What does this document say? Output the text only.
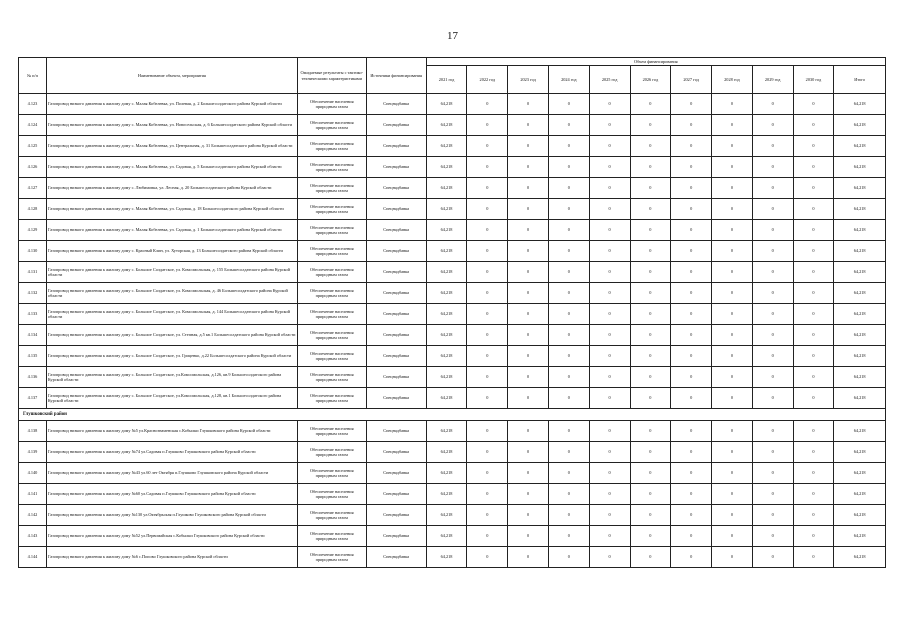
17
№ п/п	Наименование объекта, мероприятия	Ожидаемые результаты с тактико-техническими характеристиками	Источники финансирования	Объем финансирования										
				2021 год	2022 год	2023 год	2024 год	2025 год	2026 год	2027 год	2028 год	2029 год	2030 год	Итого
4.123	Газопровод низкого давления к жилому дому с. Малая Кобелевка, ул. Полевая, д. 2 Большесолдатского района Курской области	Обеспечение населения природным газом	Спецнадбавка	64,218	0	0	0	0	0	0	0	0	0	64,218
4.124	Газопровод низкого давления к жилому дому с. Малая Кобелевка, ул. Новосельская, д. 6 Большесолдатского района Курской области	Обеспечение населения природным газом	Спецнадбавка	64,218	0	0	0	0	0	0	0	0	0	64,218
4.125	Газопровод низкого давления к жилому дому с. Малая Кобелевка, ул. Центральная, д. 31 Большесолдатского района Курской области	Обеспечение населения природным газом	Спецнадбавка	64,218	0	0	0	0	0	0	0	0	0	64,218
4.126	Газопровод низкого давления к жилому дому с. Малая Кобелевка, ул. Садовая, д. 5 Большесолдатского района Курской области	Обеспечение населения природным газом	Спецнадбавка	64,218	0	0	0	0	0	0	0	0	0	64,218
4.127	Газопровод низкого давления к жилому дому с. Любимовка, ул. Лесная, д. 20 Большесолдатского района Курской области	Обеспечение населения природным газом	Спецнадбавка	64,218	0	0	0	0	0	0	0	0	0	64,218
4.128	Газопровод низкого давления к жилому дому с. Малая Кобелевка, ул. Садовая, д. 18 Большесолдатского района Курской области	Обеспечение населения природным газом	Спецнадбавка	64,218	0	0	0	0	0	0	0	0	0	64,218
4.129	Газопровод низкого давления к жилому дому с. Малая Кобелевка, ул. Садовая, д. 1 Большесолдатского района Курской области	Обеспечение населения природным газом	Спецнадбавка	64,218	0	0	0	0	0	0	0	0	0	64,218
4.130	Газопровод низкого давления к жилому дому с. Красный Клин, ул. Хуторская, д. 13 Большесолдатского района Курской области	Обеспечение населения природным газом	Спецнадбавка	64,218	0	0	0	0	0	0	0	0	0	64,218
4.131	Газопровод низкого давления к жилому дому с. Большое Солдатское, ул. Комсомольская, д. 155 Большесолдатского района Курской области	Обеспечение населения природным газом	Спецнадбавка	64,218	0	0	0	0	0	0	0	0	0	64,218
4.132	Газопровод низкого давления к жилому дому с. Большое Солдатское, ул. Комсомольская, д. 46 Большесолдатского района Курской области	Обеспечение населения природным газом	Спецнадбавка	64,218	0	0	0	0	0	0	0	0	0	64,218
4.133	Газопровод низкого давления к жилому дому с. Большое Солдатское, ул. Комсомольская, д. 144 Большесолдатского района Курской области	Обеспечение населения природным газом	Спецнадбавка	64,218	0	0	0	0	0	0	0	0	0	64,218
4.134	Газопровод низкого давления к жилому дому с. Большое Солдатское, ул. Степная, д.5 кв.1 Большесолдатского района Курской области	Обеспечение населения природным газом	Спецнадбавка	64,218	0	0	0	0	0	0	0	0	0	64,218
4.135	Газопровод низкого давления к жилому дому с. Большое Солдатское, ул. Гриценко, д.22 Большесолдатского района Курской области	Обеспечение населения природным газом	Спецнадбавка	64,218	0	0	0	0	0	0	0	0	0	64,218
4.136	Газопровод низкого давления к жилому дому с. Большое Солдатское, ул.Комсомольская, д.126, кв.9 Большесолдатского района Курской области	Обеспечение населения природным газом	Спецнадбавка	64,218	0	0	0	0	0	0	0	0	0	64,218
4.137	Газопровод низкого давления к жилому дому с. Большое Солдатское, ул.Комсомольская, д.128, кв.1 Большесолдатского района Курской области	Обеспечение населения природным газом	Спецнадбавка	64,218	0	0	0	0	0	0	0	0	0	64,218
Глушковский район														
4.138	Газопровод низкого давления к жилому дому №5 ул.Краснознаменская с.Кобылки Глушковского района Курской области	Обеспечение населения природным газом	Спецнадбавка	64,218	0	0	0	0	0	0	0	0	0	64,218
4.139	Газопровод низкого давления к жилому дому №74 ул.Садовая п.Глушково Глушковского района Курской области	Обеспечение населения природным газом	Спецнадбавка	64,218	0	0	0	0	0	0	0	0	0	64,218
4.140	Газопровод низкого давления к жилому дому №43 ул.60 лет Октября п.Глушково Глушковского района Курской области	Обеспечение населения природным газом	Спецнадбавка	64,218	0	0	0	0	0	0	0	0	0	64,218
4.141	Газопровод низкого давления к жилому дому №60 ул.Садовая п.Глушково Глушковского района Курской области	Обеспечение населения природным газом	Спецнадбавка	64,218	0	0	0	0	0	0	0	0	0	64,218
4.142	Газопровод низкого давления к жилому дому №130 ул.Октябрьская п.Глушково Глушковского района Курской области	Обеспечение населения природным газом	Спецнадбавка	64,218	0	0	0	0	0	0	0	0	0	64,218
4.143	Газопровод низкого давления к жилому дому №52 ул.Первомайская с.Кобылки Глушковского района Курской области	Обеспечение населения природным газом	Спецнадбавка	64,218	0	0	0	0	0	0	0	0	0	64,218
4.144	Газопровод низкого давления к жилому дому №6 с.Попово Глушковского района Курской области	Обеспечение населения природным газом	Спецнадбавка	64,218	0	0	0	0	0	0	0	0	0	64,218
